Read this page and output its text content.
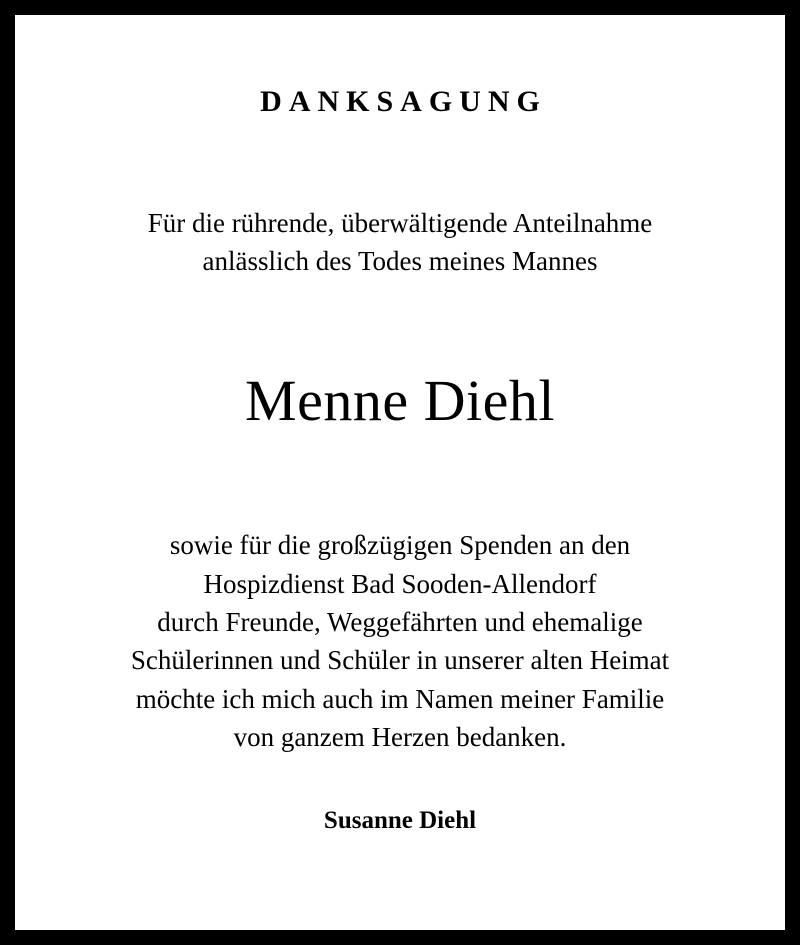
DANKSAGUNG
Für die rührende, überwältigende Anteilnahme
anlässlich des Todes meines Mannes
Menne Diehl
sowie für die großzügigen Spenden an den
Hospizdienst Bad Sooden-Allendorf
durch Freunde, Weggefährten und ehemalige
Schülerinnen und Schüler in unserer alten Heimat
möchte ich mich auch im Namen meiner Familie
von ganzem Herzen bedanken.
Susanne Diehl
